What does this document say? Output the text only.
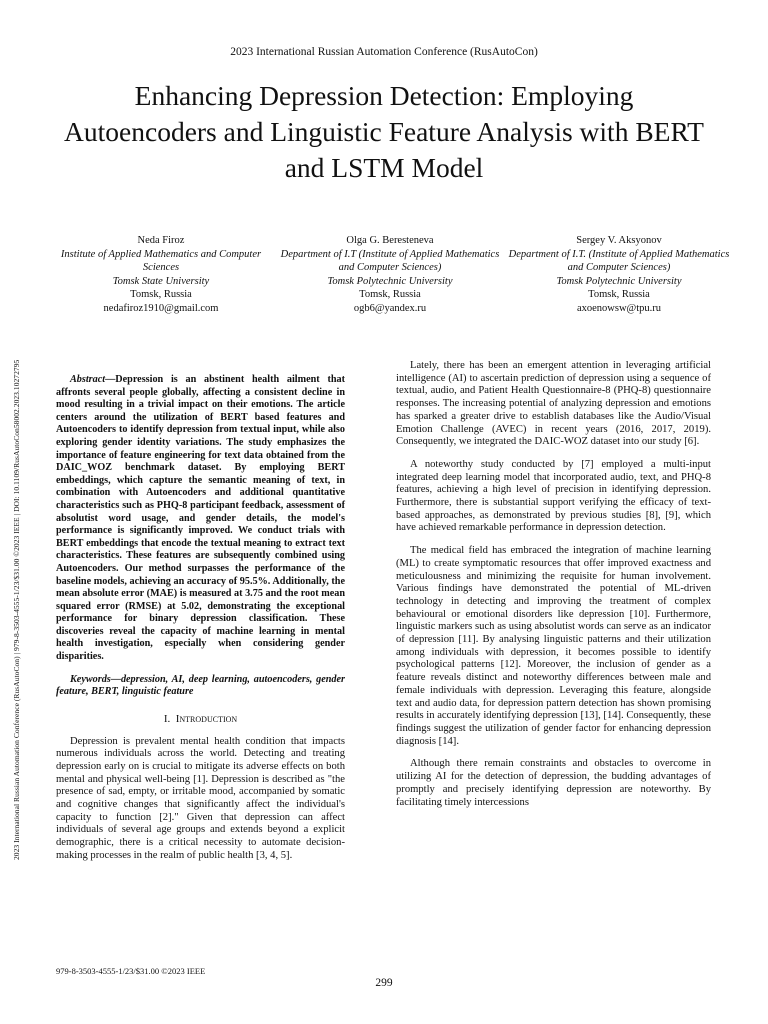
2023 International Russian Automation Conference (RusAutoCon)
Enhancing Depression Detection: Employing Autoencoders and Linguistic Feature Analysis with BERT and LSTM Model
2023 International Russian Automation Conference (RusAutoCon) | 979-8-3503-4555-1/23/$31.00 ©2023 IEEE | DOI: 10.1109/RusAutoCon58002.2023.10272795
Neda Firoz
Institute of Applied Mathematics and Computer Sciences
Tomsk State University
Tomsk, Russia
nedafiroz1910@gmail.com
Olga G. Beresteneva
Department of I.T (Institute of Applied Mathematics and Computer Sciences)
Tomsk Polytechnic University
Tomsk, Russia
ogb6@yandex.ru
Sergey V. Aksyonov
Department of I.T. (Institute of Applied Mathematics and Computer Sciences)
Tomsk Polytechnic University
Tomsk, Russia
axoenowsw@tpu.ru

Abstract—Depression is an abstinent health ailment that affronts several people globally, affecting a consistent decline in mood resulting in a trivial impact on their emotions. The article centers around the utilization of BERT based features and Autoencoders to identify depression from textual input, while also exploring gender identity variations. The study emphasizes the importance of feature engineering for text data obtained from the DAIC_WOZ benchmark dataset. By employing BERT embeddings, which capture the semantic meaning of text, in combination with Autoencoders and additional quantitative characteristics such as PHQ-8 participant feedback, assessment of absolutist word usage, and gender details, the model's performance is significantly improved. We conduct trials with BERT embeddings that encode the textual meaning to extract text characteristics. These features are subsequently combined using Autoencoders. Our method surpasses the performance of the baseline models, achieving an accuracy of 95.5%. Additionally, the mean absolute error (MAE) is measured at 3.75 and the root mean squared error (RMSE) at 5.02, demonstrating the exceptional performance for binary depression classification. These discoveries reveal the capacity of machine learning in mental health investigation, especially when considering gender disparities.

Keywords—depression, AI, deep learning, autoencoders, gender feature, BERT, linguistic feature

I. Introduction

Depression is prevalent mental health condition that impacts numerous individuals across the world. Detecting and treating depression early on is crucial to mitigate its adverse effects on both mental and physical well-being [1]. Depression is described as "the presence of sad, empty, or irritable mood, accompanied by somatic and cognitive changes that significantly affect the individual's capacity to function [2]." Given that depression can affect individuals of several age groups and extends beyond a explicit demographic, there is a critical necessity to automate decision-making processes in the realm of public health [3, 4, 5].

Lately, there has been an emergent attention in leveraging artificial intelligence (AI) to ascertain prediction of depression using a sequence of textual, audio, and Patient Health Questionnaire-8 (PHQ-8) questionnaire responses. The increasing potential of analyzing depression and emotions has sparked a greater drive to establish databases like the Audio/Visual Emotion Challenge (AVEC) in recent years (2016, 2017, 2019). Consequently, we integrated the DAIC-WOZ dataset into our study [6].

A noteworthy study conducted by [7] employed a multi-input integrated deep learning model that incorporated audio, text, and PHQ-8 features, achieving a high level of precision in identifying depression. Furthermore, there is substantial support verifying the efficacy of text-based approaches, as demonstrated by previous studies [8], [9], which have achieved remarkable performance in depression detection.

The medical field has embraced the integration of machine learning (ML) to create symptomatic resources that offer improved exactness and meticulousness and minimizing the requisite for human involvement. Various findings have demonstrated the potential of ML-driven technology in detecting and improving the treatment of complex behavioural or emotional disorders like depression [10]. Furthermore, linguistic markers such as using absolutist words can serve as an indicator of depression [11]. By analysing linguistic patterns and their utilization among individuals with depression, it becomes possible to identify psychological patterns [12]. Moreover, the inclusion of gender as a feature reveals distinct and noteworthy differences between male and female individuals with depression. Leveraging this feature, alongside text and audio data, for depression pattern detection has shown promising results in accurately identifying depression [13], [14]. Consequently, these findings suggest the utilization of gender factor for enhancing depression diagnosis [14].

Although there remain constraints and obstacles to overcome in utilizing AI for the detection of depression, the budding advantages of promptly and precisely identifying depression are noteworthy. By facilitating timely intercessions

979-8-3503-4555-1/23/$31.00 ©2023 IEEE
299
